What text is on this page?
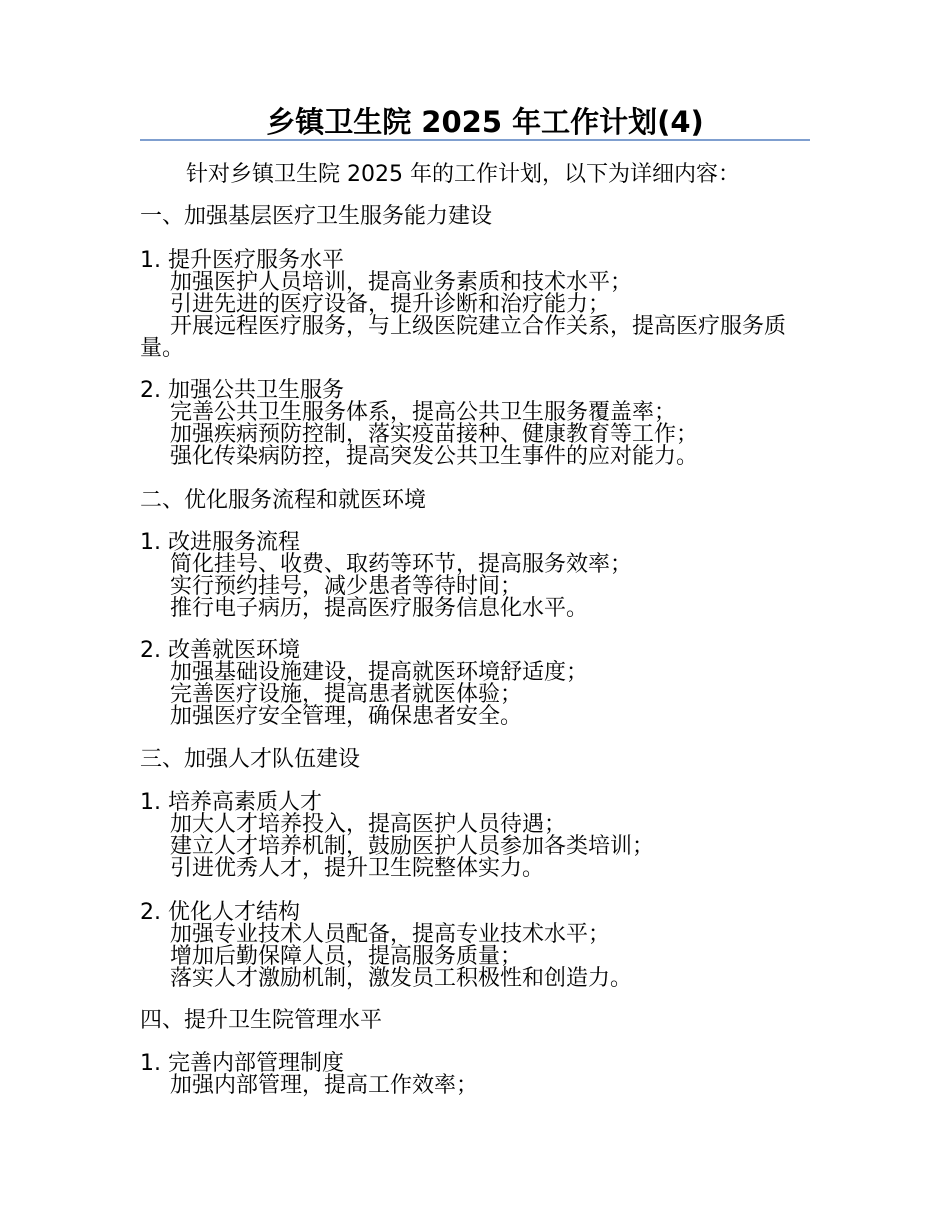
乡镇卫生院 2025 年工作计划(4)
针对乡镇卫生院 2025 年的工作计划，以下为详细内容：
一、加强基层医疗卫生服务能力建设
1. 提升医疗服务水平
加强医护人员培训，提高业务素质和技术水平；
引进先进的医疗设备，提升诊断和治疗能力；
开展远程医疗服务，与上级医院建立合作关系，提高医疗服务质量。
2. 加强公共卫生服务
完善公共卫生服务体系，提高公共卫生服务覆盖率；
加强疾病预防控制，落实疫苗接种、健康教育等工作；
强化传染病防控，提高突发公共卫生事件的应对能力。
二、优化服务流程和就医环境
1. 改进服务流程
简化挂号、收费、取药等环节，提高服务效率；
实行预约挂号，减少患者等待时间；
推行电子病历，提高医疗服务信息化水平。
2. 改善就医环境
加强基础设施建设，提高就医环境舒适度；
完善医疗设施，提高患者就医体验；
加强医疗安全管理，确保患者安全。
三、加强人才队伍建设
1. 培养高素质人才
加大人才培养投入，提高医护人员待遇；
建立人才培养机制，鼓励医护人员参加各类培训；
引进优秀人才，提升卫生院整体实力。
2. 优化人才结构
加强专业技术人员配备，提高专业技术水平；
增加后勤保障人员，提高服务质量；
落实人才激励机制，激发员工积极性和创造力。
四、提升卫生院管理水平
1. 完善内部管理制度
加强内部管理，提高工作效率；
